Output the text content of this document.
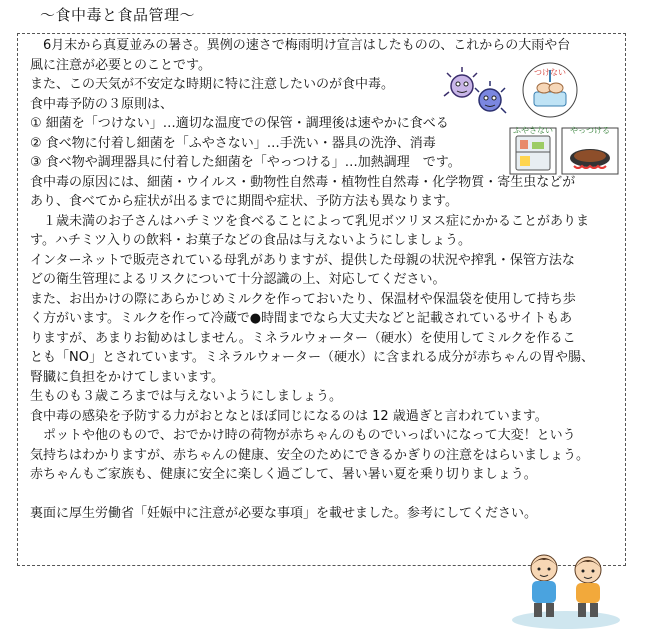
～食中毒と食品管理～
　6月末から真夏並みの暑さ。異例の速さで梅雨明け宣言はしたものの、これからの大雨や台
風に注意が必要とのことです。
また、この天気が不安定な時期に特に注意したいのが食中毒。
食中毒予防の３原則は、
① 細菌を「つけない」…適切な温度での保管・調理後は速やかに食べる
② 食べ物に付着し細菌を「ふやさない」…手洗い・器具の洗浄、消毒
③ 食べ物や調理器具に付着した細菌を「やっつける」…加熱調理　です。
食中毒の原因には、細菌・ウイルス・動物性自然毒・植物性自然毒・化学物質・寄生虫などが
あり、食べてから症状が出るまでに期間や症状、予防方法も異なります。
　１歳未満のお子さんはハチミツを食べることによって乳児ボツリヌス症にかかることがありま
す。ハチミツ入りの飲料・お菓子などの食品は与えないようにしましょう。
インターネットで販売されている母乳がありますが、提供した母親の状況や搾乳・保管方法な
どの衛生管理によるリスクについて十分認識の上、対応してください。
また、お出かけの際にあらかじめミルクを作っておいたり、保温材や保温袋を使用して持ち歩
く方がいます。ミルクを作って冷蔵で●時間までなら大丈夫などと記載されているサイトもあ
りますが、あまりお勧めはしません。ミネラルウォーター（硬水）を使用してミルクを作るこ
とも「NO」とされています。ミネラルウォーター（硬水）に含まれる成分が赤ちゃんの胃や腸、
腎臓に負担をかけてしまいます。
生ものも３歳ころまでは与えないようにしましょう。
食中毒の感染を予防する力がおとなとほぼ同じになるのは 12 歳過ぎと言われています。
　ポットや他のもので、おでかけ時の荷物が赤ちゃんのものでいっぱいになって大変！という
気持ちはわかりますが、赤ちゃんの健康、安全のためにできるかぎりの注意をはらいましょう。
赤ちゃんもご家族も、健康に安全に楽しく過ごして、暑い暑い夏を乗り切りましょう。
裏面に厚生労働省「妊娠中に注意が必要な事項」を載せました。参考にしてください。
つけない
ふやさない やっつける
